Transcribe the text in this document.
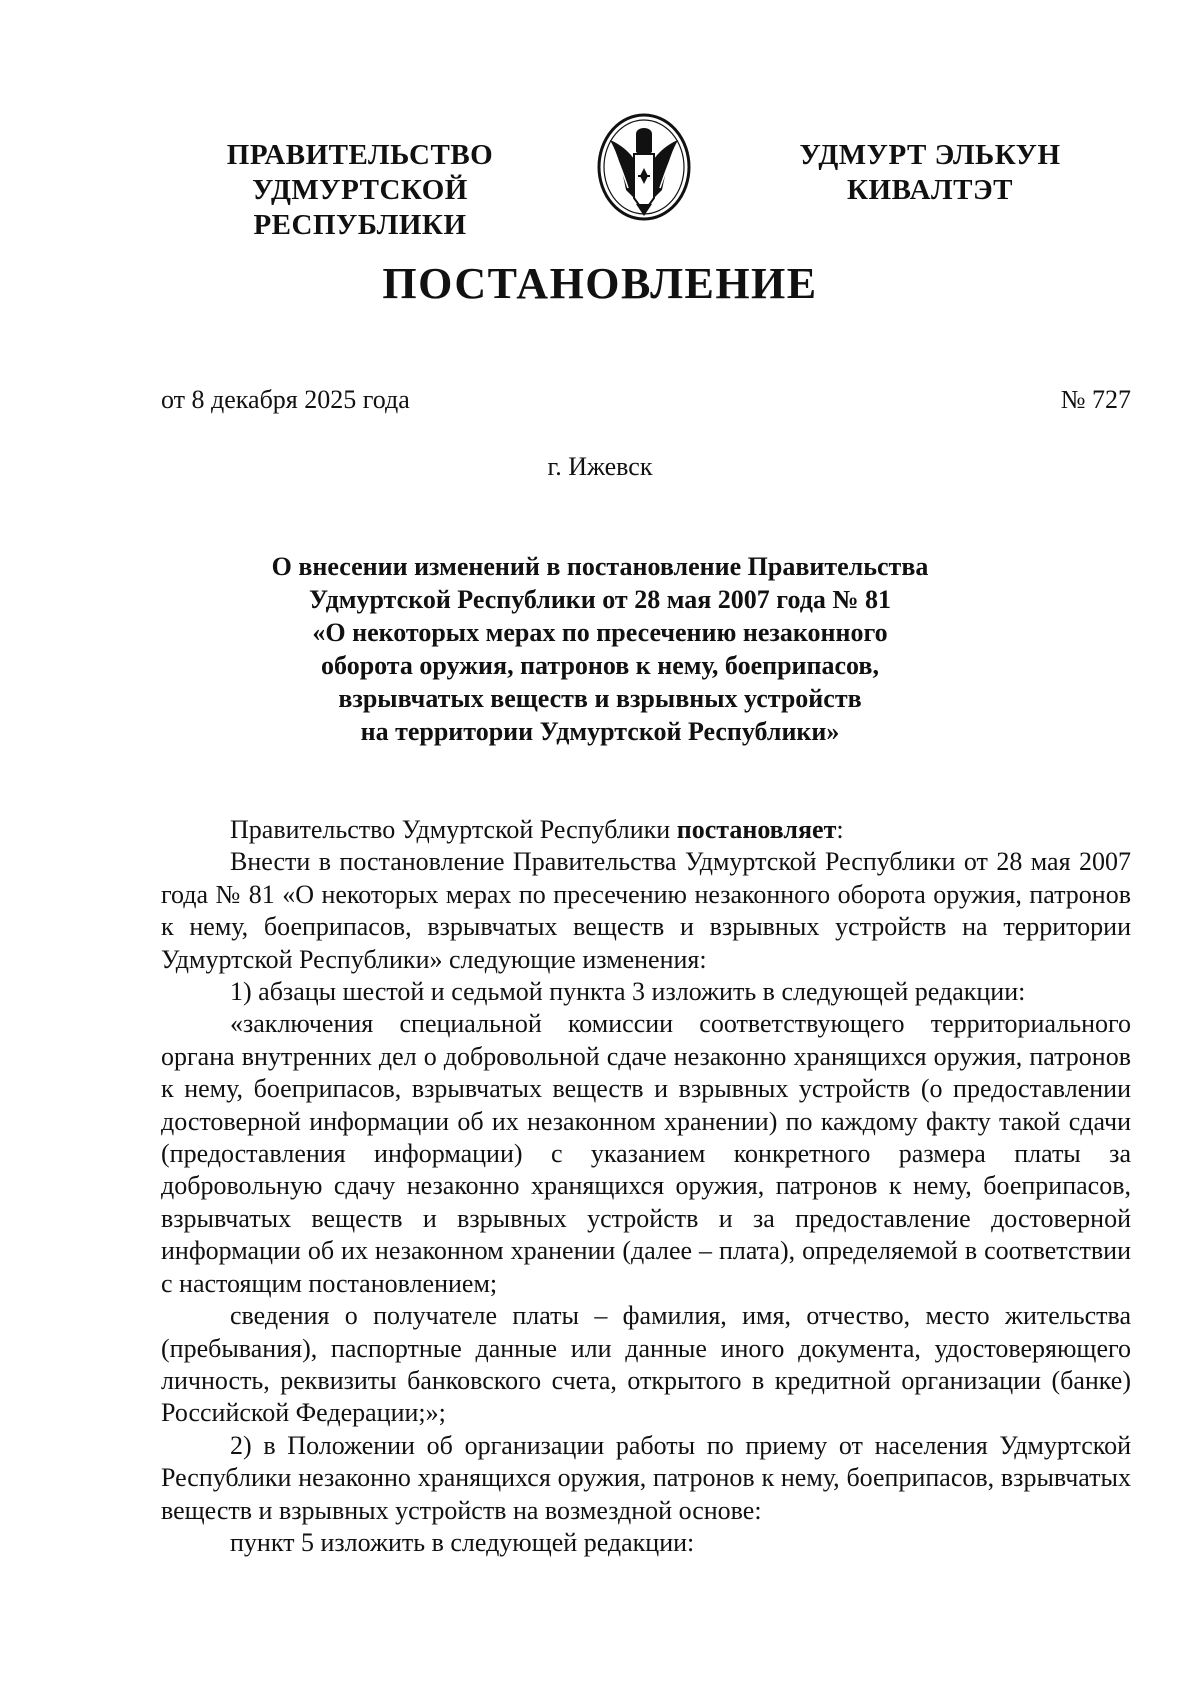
ПРАВИТЕЛЬСТВО
УДМУРТСКОЙ РЕСПУБЛИКИ
УДМУРТ ЭЛЬКУН
КИВАЛТЭТ
ПОСТАНОВЛЕНИЕ
от 8 декабря 2025 года	№ 727
г. Ижевск
О внесении изменений в постановление Правительства
Удмуртской Республики от 28 мая 2007 года № 81
«О некоторых мерах по пресечению незаконного
оборота оружия, патронов к нему, боеприпасов,
взрывчатых веществ и взрывных устройств
на территории Удмуртской Республики»

Правительство Удмуртской Республики постановляет:

Внести в постановление Правительства Удмуртской Республики от 28 мая 2007 года № 81 «О некоторых мерах по пресечению незаконного оборота оружия, патронов к нему, боеприпасов, взрывчатых веществ и взрывных устройств на территории Удмуртской Республики» следующие изменения:

1) абзацы шестой и седьмой пункта 3 изложить в следующей редакции:

«заключения специальной комиссии соответствующего территориального органа внутренних дел о добровольной сдаче незаконно хранящихся оружия, патронов к нему, боеприпасов, взрывчатых веществ и взрывных устройств (о предоставлении достоверной информации об их незаконном хранении) по каждому факту такой сдачи (предоставления информации) с указанием конкретного размера платы за добровольную сдачу незаконно хранящихся оружия, патронов к нему, боеприпасов, взрывчатых веществ и взрывных устройств и за предоставление достоверной информации об их незаконном хранении (далее – плата), определяемой в соответствии с настоящим постановлением;

сведения о получателе платы – фамилия, имя, отчество, место жительства (пребывания), паспортные данные или данные иного документа, удостоверяющего личность, реквизиты банковского счета, открытого в кредитной организации (банке) Российской Федерации;»;

2) в Положении об организации работы по приему от населения Удмуртской Республики незаконно хранящихся оружия, патронов к нему, боеприпасов, взрывчатых веществ и взрывных устройств на возмездной основе:

пункт 5 изложить в следующей редакции:
